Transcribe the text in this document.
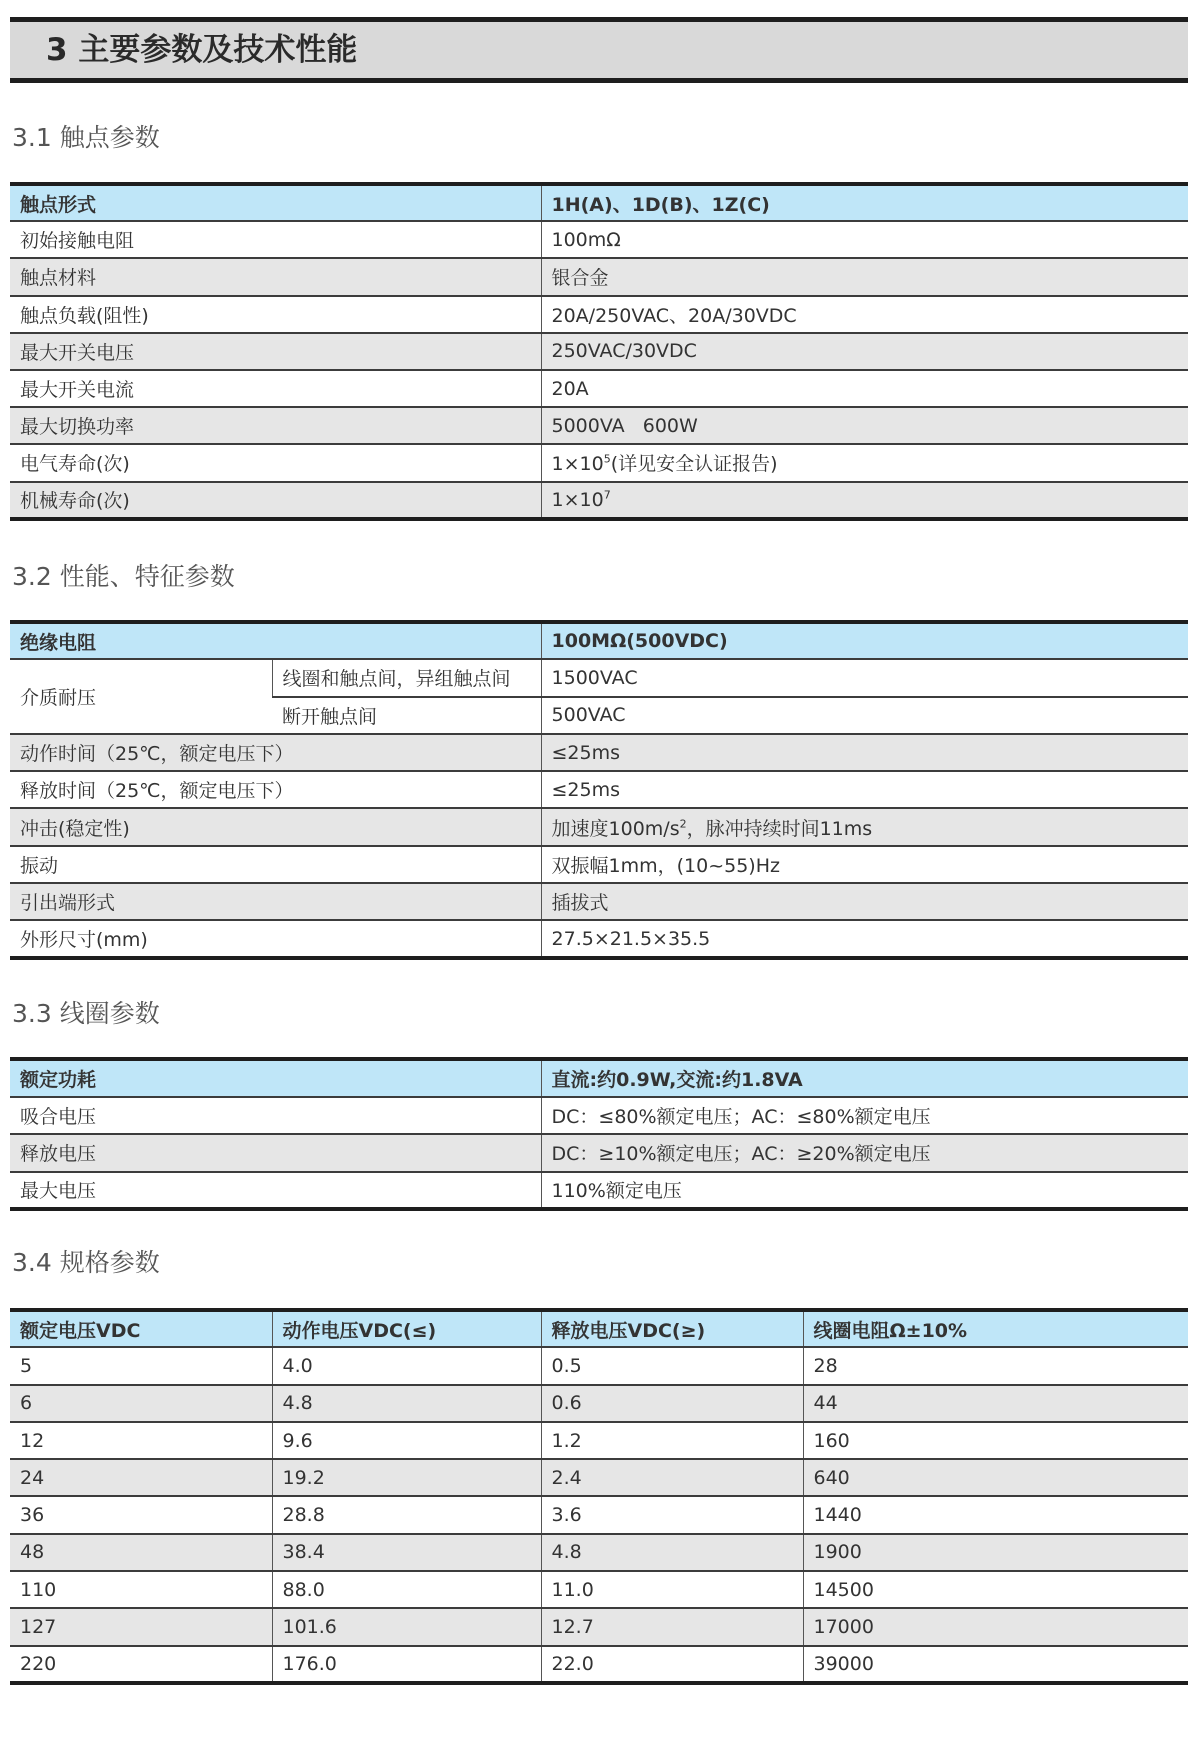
3 主要参数及技术性能
3.1 触点参数
触点形式	1H(A)、1D(B)、1Z(C)
初始接触电阻	100mΩ
触点材料	银合金
触点负载(阻性)	20A/250VAC、20A/30VDC
最大开关电压	250VAC/30VDC
最大开关电流	20A
最大切换功率	5000VA   600W
电气寿命(次)	$1\times 10^5$(详见安全认证报告)
机械寿命(次)	$1\times 10^7$
3.2 性能、特征参数
绝缘电阻		100MΩ(500VDC)
介质耐压	线圈和触点间，异组触点间	1500VAC
	断开触点间	500VAC
动作时间（25℃，额定电压下）		≤25ms
释放时间（25℃，额定电压下）		≤25ms
冲击(稳定性)		加速度$100m/s^2$，脉冲持续时间11ms
振动		双振幅1mm，(10~55)Hz
引出端形式		插拔式
外形尺寸(mm)		27.5×21.5×35.5
3.3 线圈参数
额定功耗	直流:约0.9W,交流:约1.8VA
吸合电压	DC：≤80%额定电压；AC：≤80%额定电压
释放电压	DC：≥10%额定电压；AC：≥20%额定电压
最大电压	110%额定电压
3.4 规格参数
额定电压VDC	动作电压VDC(≤)	释放电压VDC(≥)	线圈电阻Ω±10%
5	4.0	0.5	28
6	4.8	0.6	44
12	9.6	1.2	160
24	19.2	2.4	640
36	28.8	3.6	1440
48	38.4	4.8	1900
110	88.0	11.0	14500
127	101.6	12.7	17000
220	176.0	22.0	39000
